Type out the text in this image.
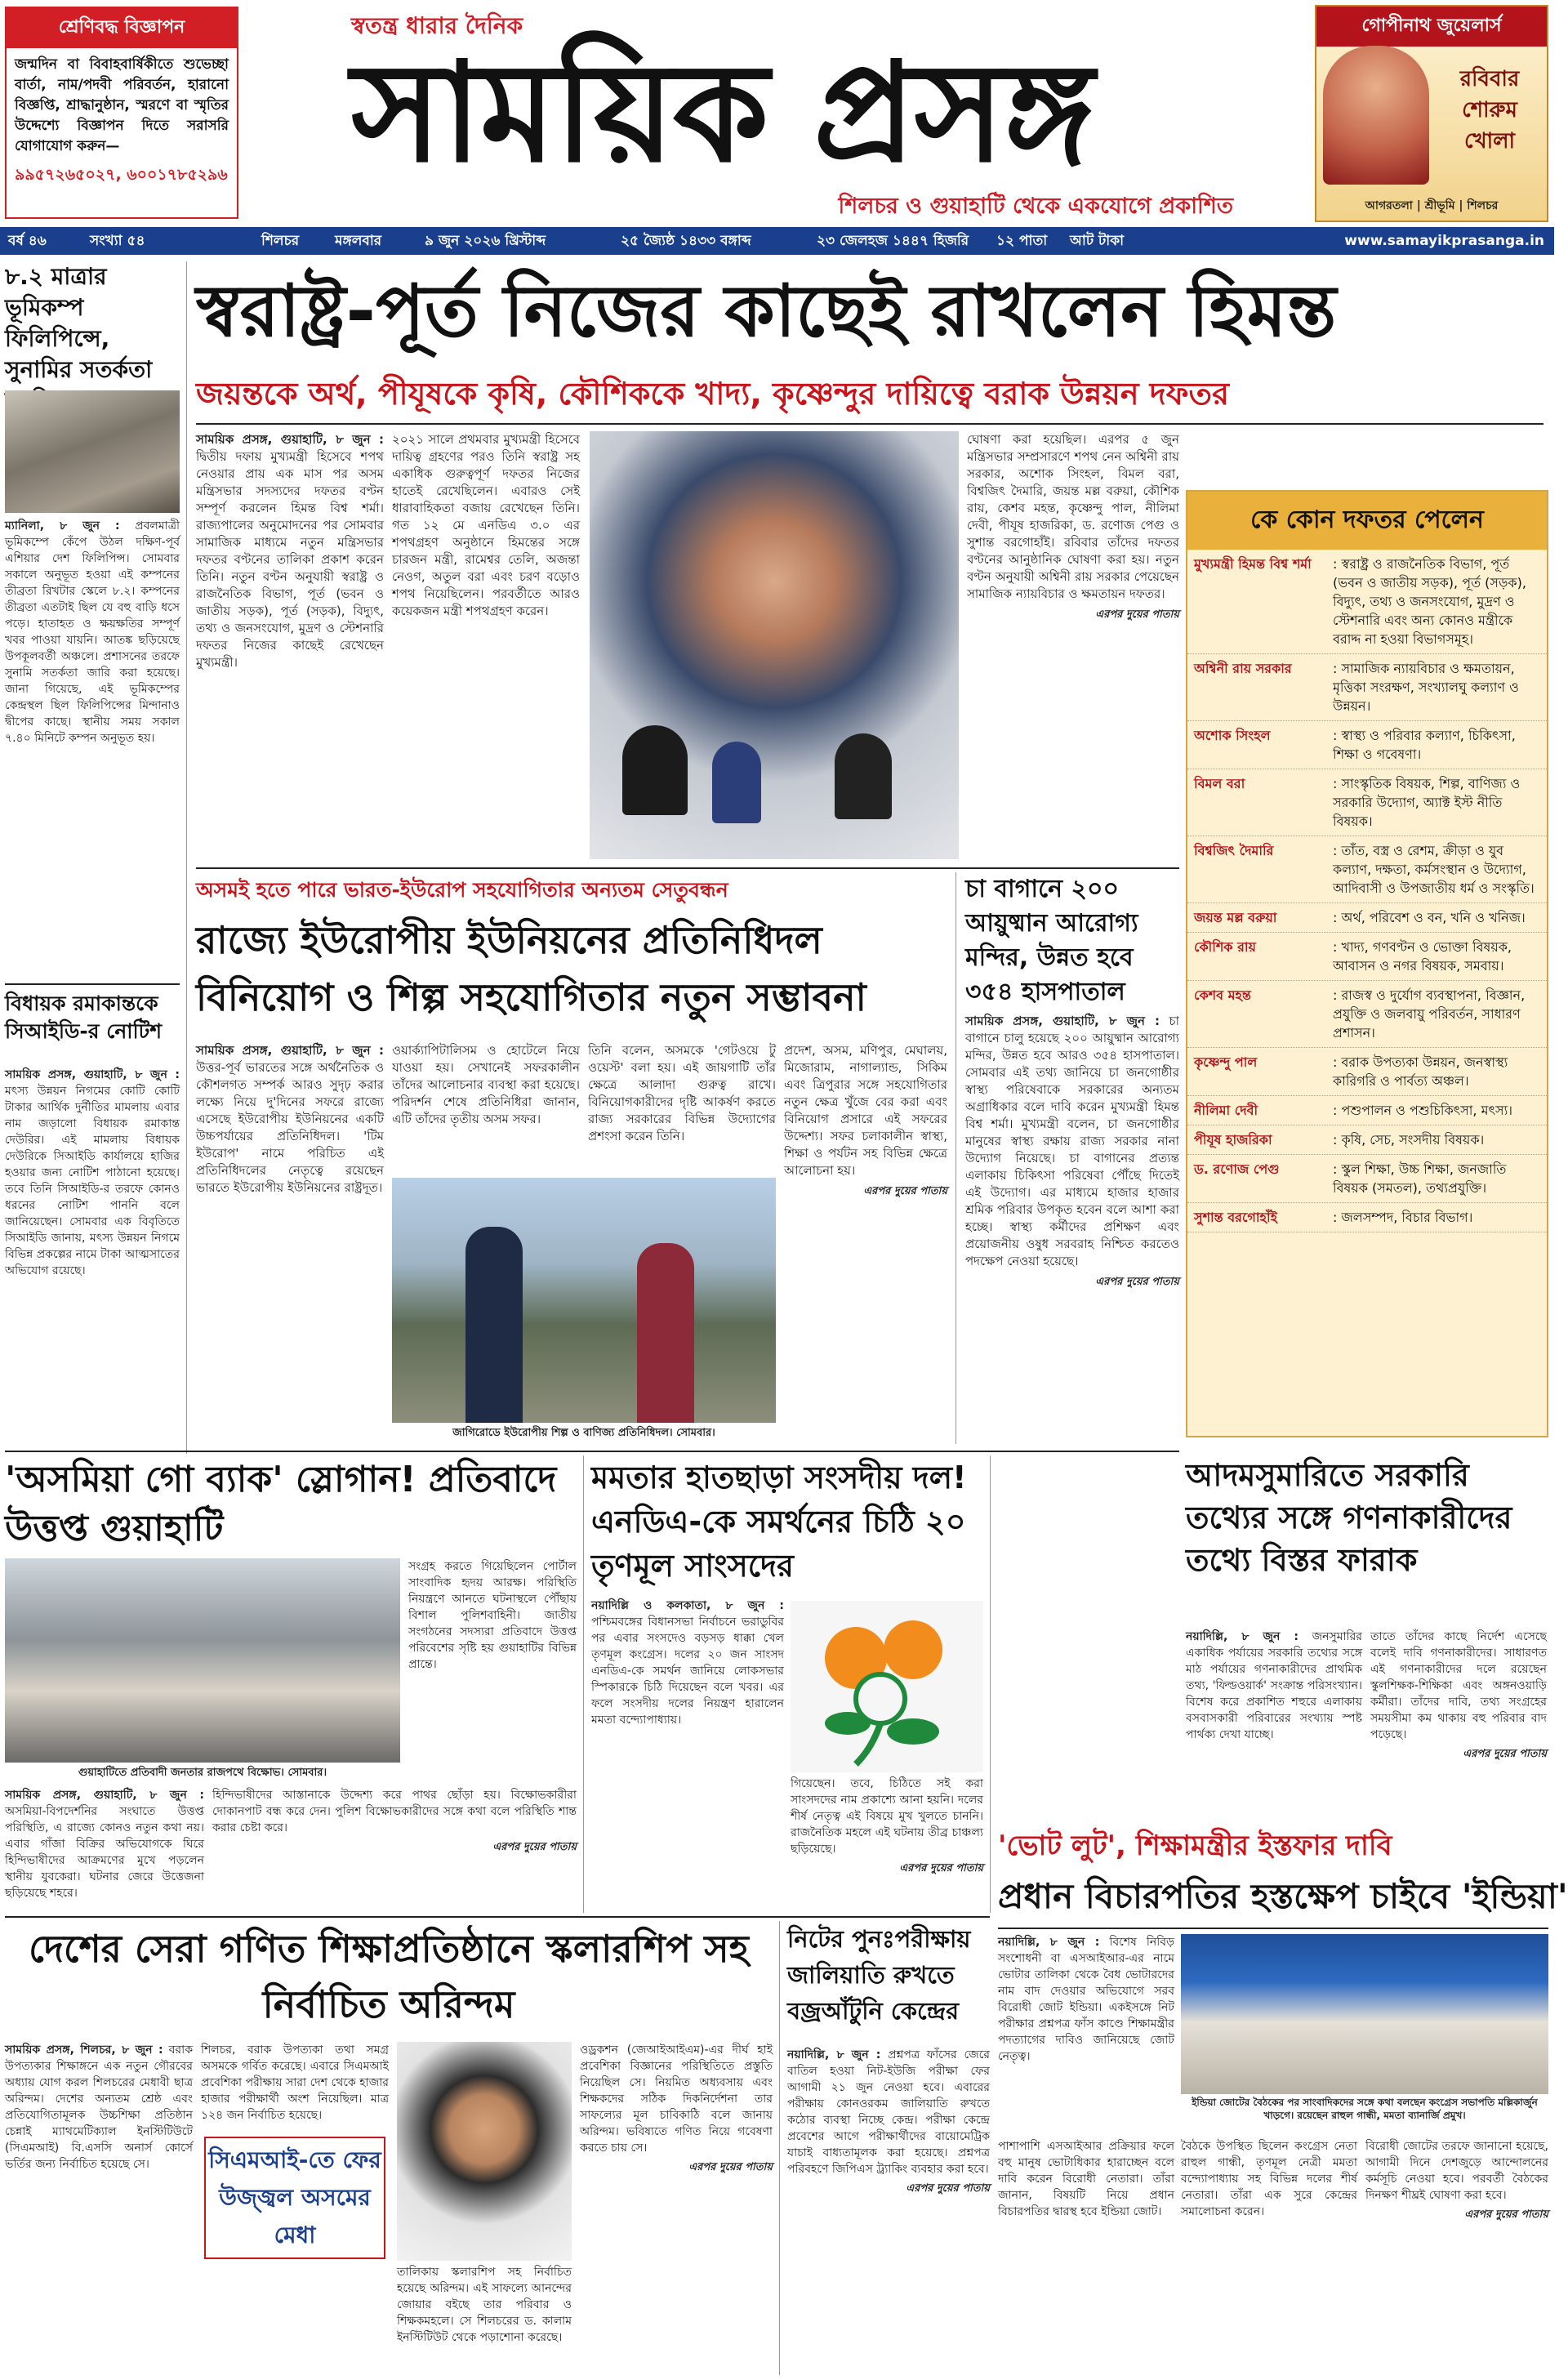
শ্রেণিবদ্ধ বিজ্ঞাপন
জন্মদিন বা বিবাহবার্ষিকীতে শুভেচ্ছা বার্তা, নাম/পদবী পরিবর্তন, হারানো বিজ্ঞপ্তি, শ্রাদ্ধানুষ্ঠান, স্মরণে বা স্মৃতির উদ্দেশ্যে বিজ্ঞাপন দিতে সরাসরি যোগাযোগ করুন—
৯৯৫৭২৬৫০২৭, ৬০০১৭৮৫২৯৬
স্বতন্ত্র ধারার দৈনিক
সাময়িক প্রসঙ্গ
শিলচর ও গুয়াহাটি থেকে একযোগে প্রকাশিত
গোপীনাথ জুয়েলার্স
রবিবার শোরুম খোলা
আগরতলা | শ্রীভূমি | শিলচর
বর্ষ ৪৬	সংখ্যা ৫৪	শিলচর	মঙ্গলবার	৯ জুন ২০২৬ খ্রিস্টাব্দ	২৫ জ্যৈষ্ঠ ১৪৩৩ বঙ্গাব্দ	২৩ জেলহজ ১৪৪৭ হিজরি ১২ পাতা আট টাকা	www.samayikprasanga.in
৮.২ মাত্রার ভূমিকম্প ফিলিপিন্সে, সুনামির সতর্কতা
ম্যানিলা, ৮ জুন : প্রবলমাত্রী ভূমিকম্পে কেঁপে উঠল দক্ষিণ-পূর্ব এশিয়ার দেশ ফিলিপিন্স। সোমবার সকালে অনুভূত হওয়া এই কম্পনের তীব্রতা রিখটার স্কেলে ৮.২। কম্পনের তীব্রতা এতটাই ছিল যে বহু বাড়ি ধসে পড়ে। হাতাহত ও ক্ষয়ক্ষতির সম্পূর্ণ খবর পাওয়া যায়নি। আতঙ্ক ছড়িয়েছে উপকূলবর্তী অঞ্চলে। প্রশাসনের তরফে সুনামি সতর্কতা জারি করা হয়েছে। জানা গিয়েছে, এই ভূমিকম্পের কেন্দ্রস্থল ছিল ফিলিপিন্সের মিন্দানাও দ্বীপের কাছে। স্থানীয় সময় সকাল ৭.৪০ মিনিটে কম্পন অনুভূত হয়।
বিধায়ক রমাকান্তকে সিআইডি-র নোটিশ
সাময়িক প্রসঙ্গ, গুয়াহাটি, ৮ জুন : মৎস্য উন্নয়ন নিগমের কোটি কোটি টাকার আর্থিক দুর্নীতির মামলায় এবার নাম জড়ালো বিধায়ক রমাকান্ত দেউরির। এই মামলায় বিধায়ক দেউরিকে সিআইডি কার্যালয়ে হাজির হওয়ার জন্য নোটিশ পাঠানো হয়েছে। তবে তিনি সিআইডি-র তরফে কোনও ধরনের নোটিশ পাননি বলে জানিয়েছেন। সোমবার এক বিবৃতিতে সিআইডি জানায়, মৎস্য উন্নয়ন নিগমে বিভিন্ন প্রকল্পের নামে টাকা আত্মসাতের অভিযোগ রয়েছে।
স্বরাষ্ট্র-পূর্ত নিজের কাছেই রাখলেন হিমন্ত
জয়ন্তকে অর্থ, পীযূষকে কৃষি, কৌশিককে খাদ্য, কৃষ্ণেন্দুর দায়িত্বে বরাক উন্নয়ন দফতর
সাময়িক প্রসঙ্গ, গুয়াহাটি, ৮ জুন : দ্বিতীয় দফায় মুখ্যমন্ত্রী হিসেবে শপথ নেওয়ার প্রায় এক মাস পর অসম মন্ত্রিসভার সদস্যদের দফতর বণ্টন সম্পূর্ণ করলেন হিমন্ত বিশ্ব শর্মা। রাজ্যপালের অনুমোদনের পর সোমবার সামাজিক মাধ্যমে নতুন মন্ত্রিসভার দফতর বণ্টনের তালিকা প্রকাশ করেন তিনি। নতুন বণ্টন অনুযায়ী স্বরাষ্ট্র ও রাজনৈতিক বিভাগ, পূর্ত (ভবন ও জাতীয় সড়ক), পূর্ত (সড়ক), বিদ্যুৎ, তথ্য ও জনসংযোগ, মুদ্রণ ও স্টেশনারি দফতর নিজের কাছেই রেখেছেন মুখ্যমন্ত্রী।
২০২১ সালে প্রথমবার মুখ্যমন্ত্রী হিসেবে দায়িত্ব গ্রহণের পরও তিনি স্বরাষ্ট্র সহ একাধিক গুরুত্বপূর্ণ দফতর নিজের হাতেই রেখেছিলেন। এবারও সেই ধারাবাহিকতা বজায় রেখেছেন তিনি। গত ১২ মে এনডিএ ৩.০ এর শপথগ্রহণ অনুষ্ঠানে হিমন্তের সঙ্গে চারজন মন্ত্রী, রামেশ্বর তেলি, অজন্তা নেওগ, অতুল বরা এবং চরণ বড়োও শপথ নিয়েছিলেন। পরবর্তীতে আরও কয়েকজন মন্ত্রী শপথগ্রহণ করেন।
ঘোষণা করা হয়েছিল। এরপর ৫ জুন মন্ত্রিসভার সম্প্রসারণে শপথ নেন অশ্বিনী রায় সরকার, অশোক সিংহল, বিমল বরা, বিশ্বজিৎ দৈমারি, জয়ন্ত মল্ল বরুয়া, কৌশিক রায়, কেশব মহন্ত, কৃষ্ণেন্দু পাল, নীলিমা দেবী, পীযূষ হাজরিকা, ড. রণোজ পেগু ও সুশান্ত বরগোহাঁই। রবিবার তাঁদের দফতর বণ্টনের আনুষ্ঠানিক ঘোষণা করা হয়। নতুন বণ্টন অনুযায়ী অশ্বিনী রায় সরকার পেয়েছেন সামাজিক ন্যায়বিচার ও ক্ষমতায়ন দফতর।
এরপর দুয়ের পাতায়
কে কোন দফতর পেলেন
মুখ্যমন্ত্রী হিমন্ত বিশ্ব শর্মা	: স্বরাষ্ট্র ও রাজনৈতিক বিভাগ, পূর্ত (ভবন ও জাতীয় সড়ক), পূর্ত (সড়ক), বিদ্যুৎ, তথ্য ও জনসংযোগ, মুদ্রণ ও স্টেশনারি এবং অন্য কোনও মন্ত্রীকে বরাদ্দ না হওয়া বিভাগসমূহ।
অশ্বিনী রায় সরকার	: সামাজিক ন্যায়বিচার ও ক্ষমতায়ন, মৃত্তিকা সংরক্ষণ, সংখ্যালঘু কল্যাণ ও উন্নয়ন।
অশোক সিংহল	: স্বাস্থ্য ও পরিবার কল্যাণ, চিকিৎসা, শিক্ষা ও গবেষণা।
বিমল বরা	: সাংস্কৃতিক বিষয়ক, শিল্প, বাণিজ্য ও সরকারি উদ্যোগ, অ্যাক্ট ইস্ট নীতি বিষয়ক।
বিশ্বজিৎ দৈমারি	: তাঁত, বস্ত্র ও রেশম, ক্রীড়া ও যুব কল্যাণ, দক্ষতা, কর্মসংস্থান ও উদ্যোগ, আদিবাসী ও উপজাতীয় ধর্ম ও সংস্কৃতি।
জয়ন্ত মল্ল বরুয়া	: অর্থ, পরিবেশ ও বন, খনি ও খনিজ।
কৌশিক রায়	: খাদ্য, গণবণ্টন ও ভোক্তা বিষয়ক, আবাসন ও নগর বিষয়ক, সমবায়।
কেশব মহন্ত	: রাজস্ব ও দুর্যোগ ব্যবস্থাপনা, বিজ্ঞান, প্রযুক্তি ও জলবায়ু পরিবর্তন, সাধারণ প্রশাসন।
কৃষ্ণেন্দু পাল	: বরাক উপত্যকা উন্নয়ন, জনস্বাস্থ্য কারিগরি ও পার্বত্য অঞ্চল।
নীলিমা দেবী	: পশুপালন ও পশুচিকিৎসা, মৎস্য।
পীযূষ হাজরিকা	: কৃষি, সেচ, সংসদীয় বিষয়ক।
ড. রণোজ পেগু	: স্কুল শিক্ষা, উচ্চ শিক্ষা, জনজাতি বিষয়ক (সমতল), তথ্যপ্রযুক্তি।
সুশান্ত বরগোহাঁই	: জলসম্পদ, বিচার বিভাগ।
অসমই হতে পারে ভারত-ইউরোপ সহযোগিতার অন্যতম সেতুবন্ধন
রাজ্যে ইউরোপীয় ইউনিয়নের প্রতিনিধিদল বিনিয়োগ ও শিল্প সহযোগিতার নতুন সম্ভাবনা
সাময়িক প্রসঙ্গ, গুয়াহাটি, ৮ জুন : উত্তর-পূর্ব ভারতের সঙ্গে অর্থনৈতিক ও কৌশলগত সম্পর্ক আরও সুদৃঢ় করার লক্ষ্যে নিয়ে দু'দিনের সফরে রাজ্যে এসেছে ইউরোপীয় ইউনিয়নের একটি উচ্চপর্যায়ের প্রতিনিধিদল। 'টিম ইউরোপ' নামে পরিচিত এই প্রতিনিধিদলের নেতৃত্বে রয়েছেন ভারতে ইউরোপীয় ইউনিয়নের রাষ্ট্রদূত।
ওয়ার্ক্যাপিটালিসম ও হোটেলে নিয়ে যাওয়া হয়। সেখানেই সফরকালীন তাঁদের আলোচনার ব্যবস্থা করা হয়েছে। পরিদর্শন শেষে প্রতিনিধিরা জানান, এটি তাঁদের তৃতীয় অসম সফর।
তিনি বলেন, অসমকে 'গেটওয়ে টু ওয়েস্ট' বলা হয়। এই জায়গাটি তাঁর ক্ষেত্রে আলাদা গুরুত্ব রাখে। বিনিয়োগকারীদের দৃষ্টি আকর্ষণ করতে রাজ্য সরকারের বিভিন্ন উদ্যোগের প্রশংসা করেন তিনি।
জাগিরোডে ইউরোপীয় শিল্প ও বাণিজ্য প্রতিনিধিদল। সোমবার।
প্রদেশ, অসম, মণিপুর, মেঘালয়, মিজোরাম, নাগাল্যান্ড, সিকিম এবং ত্রিপুরার সঙ্গে সহযোগিতার নতুন ক্ষেত্র খুঁজে বের করা এবং বিনিয়োগ প্রসারে এই সফরের উদ্দেশ্য। সফর চলাকালীন স্বাস্থ্য, শিক্ষা ও পর্যটন সহ বিভিন্ন ক্ষেত্রে আলোচনা হয়।
এরপর দুয়ের পাতায়
চা বাগানে ২০০ আয়ুষ্মান আরোগ্য মন্দির, উন্নত হবে ৩৫৪ হাসপাতাল
সাময়িক প্রসঙ্গ, গুয়াহাটি, ৮ জুন : চা বাগানে চালু হয়েছে ২০০ আয়ুষ্মান আরোগ্য মন্দির, উন্নত হবে আরও ৩৫৪ হাসপাতাল। সোমবার এই তথ্য জানিয়ে চা জনগোষ্ঠীর স্বাস্থ্য পরিষেবাকে সরকারের অন্যতম অগ্রাধিকার বলে দাবি করেন মুখ্যমন্ত্রী হিমন্ত বিশ্ব শর্মা। মুখ্যমন্ত্রী বলেন, চা জনগোষ্ঠীর মানুষের স্বাস্থ্য রক্ষায় রাজ্য সরকার নানা উদ্যোগ নিয়েছে। চা বাগানের প্রত্যন্ত এলাকায় চিকিৎসা পরিষেবা পৌঁছে দিতেই এই উদ্যোগ। এর মাধ্যমে হাজার হাজার শ্রমিক পরিবার উপকৃত হবেন বলে আশা করা হচ্ছে। স্বাস্থ্য কর্মীদের প্রশিক্ষণ এবং প্রয়োজনীয় ওষুধ সরবরাহ নিশ্চিত করতেও পদক্ষেপ নেওয়া হয়েছে।
এরপর দুয়ের পাতায়
আদমসুমারিতে সরকারি তথ্যের সঙ্গে গণনাকারীদের তথ্যে বিস্তর ফারাক
নয়াদিল্লি, ৮ জুন : জনসুমারির একাধিক পর্যায়ের সরকারি তথ্যের সঙ্গে মাঠ পর্যায়ের গণনাকারীদের প্রাথমিক তথ্য, 'ফিল্ডওয়ার্ক' সংক্রান্ত পরিসংখ্যান। বিশেষ করে প্রকাশিত শহুরে এলাকায় বসবাসকারী পরিবারের সংখ্যায় স্পষ্ট পার্থক্য দেখা যাচ্ছে।
তাতে তাঁদের কাছে নির্দেশ এসেছে বলেই দাবি গণনাকারীদের। সাধারণত এই গণনাকারীদের দলে রয়েছেন স্কুলশিক্ষক-শিক্ষিকা এবং অঙ্গনওয়াড়ি কর্মীরা। তাঁদের দাবি, তথ্য সংগ্রহের সময়সীমা কম থাকায় বহু পরিবার বাদ পড়েছে।
এরপর দুয়ের পাতায়
'অসমিয়া গো ব্যাক' স্লোগান! প্রতিবাদে উত্তপ্ত গুয়াহাটি
গুয়াহাটিতে প্রতিবাদী জনতার রাজপথে বিক্ষোভ। সোমবার।
সংগ্রহ করতে গিয়েছিলেন পোর্টাল সাংবাদিক হৃদয় আরক্ষ। পরিস্থিতি নিয়ন্ত্রণে আনতে ঘটনাস্থলে পৌঁছায় বিশাল পুলিশবাহিনী। জাতীয় সংগঠনের সদস্যরা প্রতিবাদে উত্তপ্ত পরিবেশের সৃষ্টি হয় গুয়াহাটির বিভিন্ন প্রান্তে।
সাময়িক প্রসঙ্গ, গুয়াহাটি, ৮ জুন : অসমিয়া-বিপদের্শনির সংঘাতে উত্তপ্ত পরিস্থিতি, এ রাজ্যে কোনও নতুন কথা নয়। এবার গাঁজা বিক্রির অভিযোগকে ঘিরে হিন্দিভাষীদের আক্রমণের মুখে পড়লেন স্থানীয় যুবকেরা। ঘটনার জেরে উত্তেজনা ছড়িয়েছে শহরে।
হিন্দিভাষীদের আস্তানাকে উদ্দেশ্য করে পাথর ছোঁড়া হয়। বিক্ষোভকারীরা দোকানপাট বন্ধ করে দেন। পুলিশ বিক্ষোভকারীদের সঙ্গে কথা বলে পরিস্থিতি শান্ত করার চেষ্টা করে।
এরপর দুয়ের পাতায়
মমতার হাতছাড়া সংসদীয় দল! এনডিএ-কে সমর্থনের চিঠি ২০ তৃণমূল সাংসদের
নয়াদিল্লি ও কলকাতা, ৮ জুন : পশ্চিমবঙ্গের বিধানসভা নির্বাচনে ভরাডুবির পর এবার সংসদেও বড়সড় ধাক্কা খেল তৃণমূল কংগ্রেস। দলের ২০ জন সাংসদ এনডিএ-কে সমর্থন জানিয়ে লোকসভার স্পিকারকে চিঠি দিয়েছেন বলে খবর। এর ফলে সংসদীয় দলের নিয়ন্ত্রণ হারালেন মমতা বন্দ্যোপাধ্যায়।
গিয়েছেন। তবে, চিঠিতে সই করা সাংসদদের নাম প্রকাশ্যে আনা হয়নি। দলের শীর্ষ নেতৃত্ব এই বিষয়ে মুখ খুলতে চাননি। রাজনৈতিক মহলে এই ঘটনায় তীব্র চাঞ্চল্য ছড়িয়েছে।
এরপর দুয়ের পাতায়
'ভোট লুট', শিক্ষামন্ত্রীর ইস্তফার দাবি
প্রধান বিচারপতির হস্তক্ষেপ চাইবে 'ইন্ডিয়া'
নয়াদিল্লি, ৮ জুন : বিশেষ নিবিড় সংশোধনী বা এসআইআর-এর নামে ভোটার তালিকা থেকে বৈধ ভোটারদের নাম বাদ দেওয়ার অভিযোগে সরব বিরোধী জোট ইন্ডিয়া। একইসঙ্গে নিট পরীক্ষার প্রশ্নপত্র ফাঁস কাণ্ডে শিক্ষামন্ত্রীর পদত্যাগের দাবিও জানিয়েছে জোট নেতৃত্ব।
ইন্ডিয়া জোটের বৈঠকের পর সাংবাদিকদের সঙ্গে কথা বলছেন কংগ্রেস সভাপতি মল্লিকার্জুন খাড়গে। রয়েছেন রাহুল গান্ধী, মমতা ব্যানার্জি প্রমুখ।
পাশাপাশি এসআইআর প্রক্রিয়ার ফলে বহু মানুষ ভোটাধিকার হারাচ্ছেন বলে দাবি করেন বিরোধী নেতারা। তাঁরা জানান, বিষয়টি নিয়ে প্রধান বিচারপতির দ্বারস্থ হবে ইন্ডিয়া জোট।
বৈঠকে উপস্থিত ছিলেন কংগ্রেস নেতা রাহুল গান্ধী, তৃণমূল নেত্রী মমতা বন্দ্যোপাধ্যায় সহ বিভিন্ন দলের শীর্ষ নেতারা। তাঁরা এক সুরে কেন্দ্রের সমালোচনা করেন।
বিরোধী জোটের তরফে জানানো হয়েছে, আগামী দিনে দেশজুড়ে আন্দোলনের কর্মসূচি নেওয়া হবে। পরবর্তী বৈঠকের দিনক্ষণ শীঘ্রই ঘোষণা করা হবে।
এরপর দুয়ের পাতায়
দেশের সেরা গণিত শিক্ষাপ্রতিষ্ঠানে স্কলারশিপ সহ নির্বাচিত অরিন্দম
সাময়িক প্রসঙ্গ, শিলচর, ৮ জুন : বরাক উপত্যকার শিক্ষাঙ্গনে এক নতুন গৌরবের অধ্যায় যোগ করল শিলচরের মেধাবী ছাত্র অরিন্দম। দেশের অন্যতম শ্রেষ্ঠ এবং প্রতিযোগিতামূলক উচ্চশিক্ষা প্রতিষ্ঠান চেন্নাই ম্যাথমেটিক্যাল ইনস্টিটিউটে (সিএমআই) বি.এসসি অনার্স কোর্সে ভর্তির জন্য নির্বাচিত হয়েছে সে।
শিলচর, বরাক উপত্যকা তথা সমগ্র অসমকে গর্বিত করেছে। এবারে সিএমআই প্রবেশিকা পরীক্ষায় সারা দেশ থেকে হাজার হাজার পরীক্ষার্থী অংশ নিয়েছিল। মাত্র ১২৪ জন নির্বাচিত হয়েছে।
সিএমআই-তে ফের উজ্জ্বল অসমের মেধা
তালিকায় স্কলারশিপ সহ নির্বাচিত হয়েছে অরিন্দম। এই সাফল্যে আনন্দের জোয়ার বইছে তার পরিবার ও শিক্ষকমহলে। সে শিলচরের ড. কালাম ইনস্টিটিউট থেকে পড়াশোনা করেছে।
ওড্রকশন (জেআইআইএম)-এর দীর্ঘ হাই প্রবেশিকা বিজ্ঞানের পরিস্থিতিতে প্রস্তুতি নিয়েছিল সে। নিয়মিত অধ্যবসায় এবং শিক্ষকদের সঠিক দিকনির্দেশনা তার সাফল্যের মূল চাবিকাঠি বলে জানায় অরিন্দম। ভবিষ্যতে গণিত নিয়ে গবেষণা করতে চায় সে।
এরপর দুয়ের পাতায়
নিটের পুনঃপরীক্ষায় জালিয়াতি রুখতে বজ্রআঁটুনি কেন্দ্রের
নয়াদিল্লি, ৮ জুন : প্রশ্নপত্র ফাঁসের জেরে বাতিল হওয়া নিট-ইউজি পরীক্ষা ফের আগামী ২১ জুন নেওয়া হবে। এবারের পরীক্ষায় কোনওরকম জালিয়াতি রুখতে কঠোর ব্যবস্থা নিচ্ছে কেন্দ্র। পরীক্ষা কেন্দ্রে প্রবেশের আগে পরীক্ষার্থীদের বায়োমেট্রিক যাচাই বাধ্যতামূলক করা হয়েছে। প্রশ্নপত্র পরিবহণে জিপিএস ট্র্যাকিং ব্যবহার করা হবে।
এরপর দুয়ের পাতায়
